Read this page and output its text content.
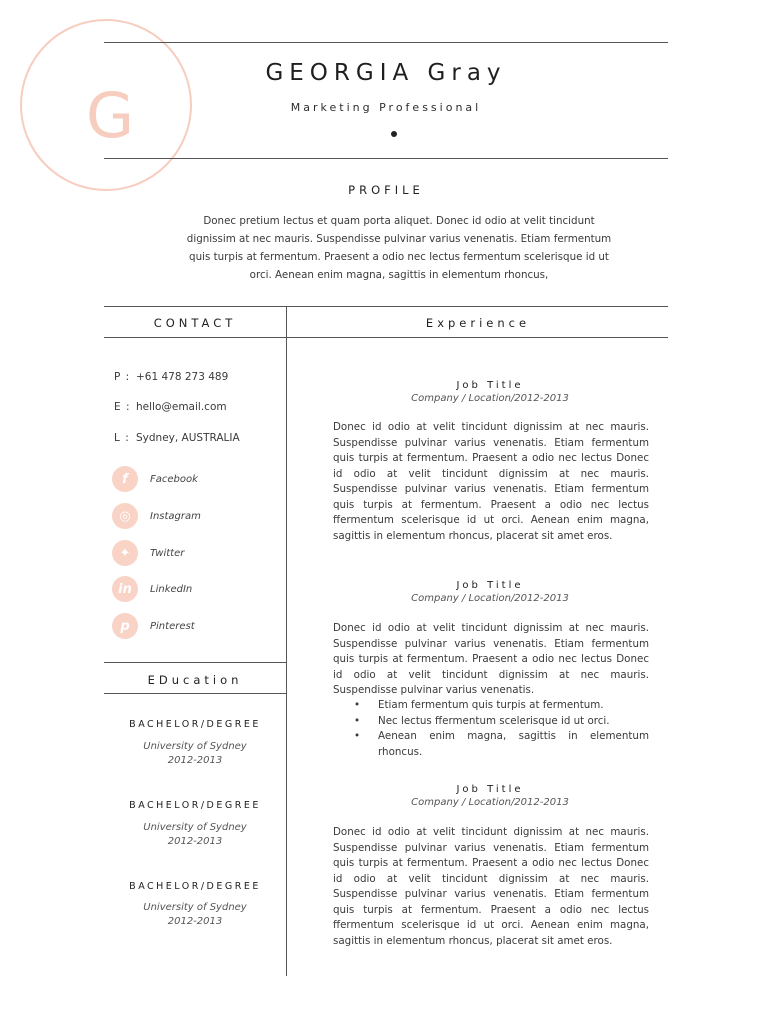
G
GEORGIA Gray
Marketing Professional
PROFILE
Donec pretium lectus et quam porta aliquet. Donec id odio at velit tincidunt dignissim at nec mauris. Suspendisse pulvinar varius venenatis. Etiam fermentum quis turpis at fermentum. Praesent a odio nec lectus fermentum scelerisque id ut orci. Aenean enim magna, sagittis in elementum rhoncus,
CONTACT	Experience
P : +61 478 273 489
E : hello@email.com
L : Sydney, AUSTRALIA
f	Facebook
◎	Instagram
✦	Twitter
in	LinkedIn
p	Pinterest
EDucation
BACHELOR/DEGREE
University of Sydney
2012-2013
BACHELOR/DEGREE
University of Sydney
2012-2013
BACHELOR/DEGREE
University of Sydney
2012-2013
Job Title
Company / Location/2012-2013
Donec id odio at velit tincidunt dignissim at nec mauris. Suspendisse pulvinar varius venenatis. Etiam fermentum quis turpis at fermentum. Praesent a odio nec lectus Donec id odio at velit tincidunt dignissim at nec mauris. Suspendisse pulvinar varius venenatis. Etiam fermentum quis turpis at fermentum. Praesent a odio nec lectus ffermentum scelerisque id ut orci. Aenean enim magna, sagittis in elementum rhoncus, placerat sit amet eros.
Job Title
Company / Location/2012-2013
Donec id odio at velit tincidunt dignissim at nec mauris. Suspendisse pulvinar varius venenatis. Etiam fermentum quis turpis at fermentum. Praesent a odio nec lectus Donec id odio at velit tincidunt dignissim at nec mauris. Suspendisse pulvinar varius venenatis.
• Etiam fermentum quis turpis at fermentum.
• Nec lectus ffermentum scelerisque id ut orci.
• Aenean enim magna, sagittis in elementum rhoncus.
Job Title
Company / Location/2012-2013
Donec id odio at velit tincidunt dignissim at nec mauris. Suspendisse pulvinar varius venenatis. Etiam fermentum quis turpis at fermentum. Praesent a odio nec lectus Donec id odio at velit tincidunt dignissim at nec mauris. Suspendisse pulvinar varius venenatis. Etiam fermentum quis turpis at fermentum. Praesent a odio nec lectus ffermentum scelerisque id ut orci. Aenean enim magna, sagittis in elementum rhoncus, placerat sit amet eros.
